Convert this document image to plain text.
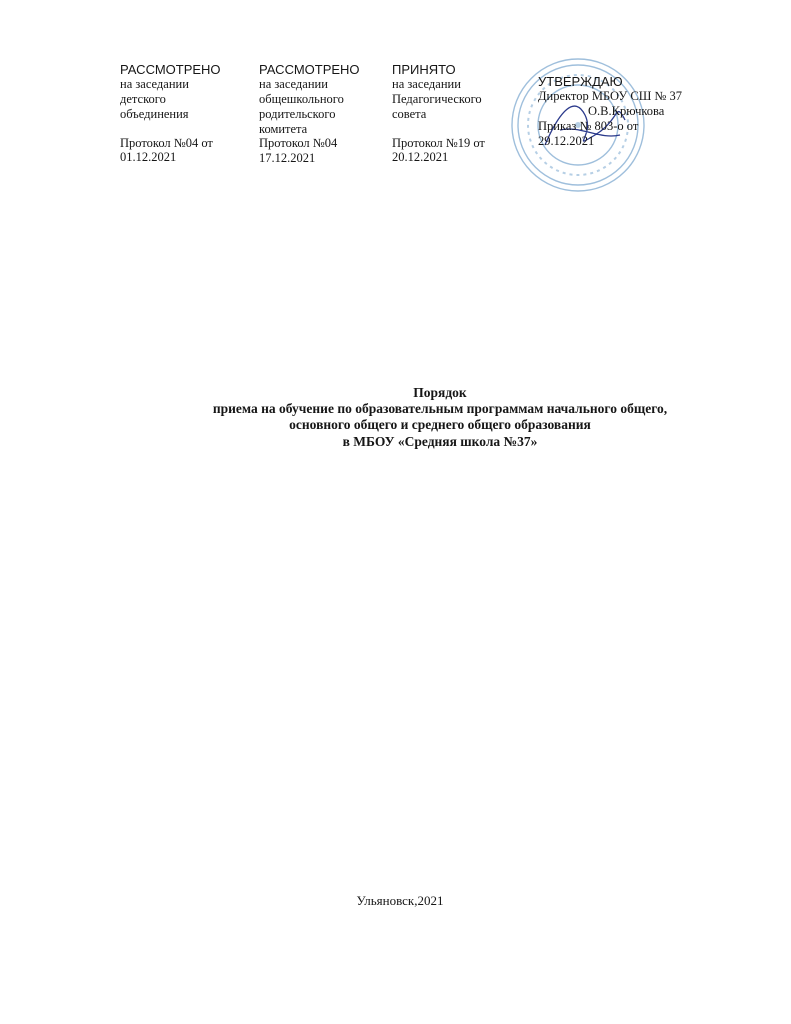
РАССМОТРЕНО
на заседании
детского
объединения
Протокол №04 от
01.12.2021
РАССМОТРЕНО
на заседании
общешкольного
родительского
комитета
Протокол №04
17.12.2021
ПРИНЯТО
на заседании
Педагогического
совета
Протокол №19 от
20.12.2021
УТВЕРЖДАЮ
Директор МБОУ СШ № 37
О.В.Крючкова
Приказ № 803-о от
29.12.2021
Порядок
приема на обучение по образовательным программам начального общего,
основного общего и среднего общего образования
в МБОУ «Средняя школа №37»
Ульяновск,2021
